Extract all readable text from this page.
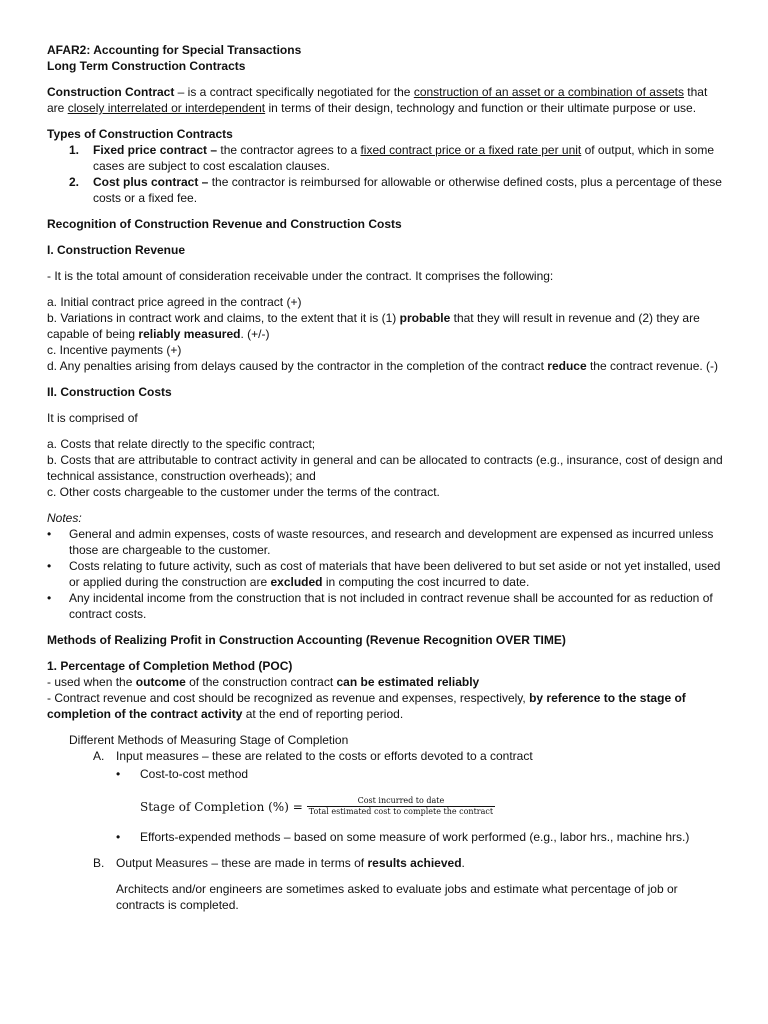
AFAR2: Accounting for Special Transactions

Long Term Construction Contracts

Construction Contract – is a contract specifically negotiated for the construction of an asset or a combination of assets that are closely interrelated or interdependent in terms of their design, technology and function or their ultimate purpose or use.

Types of Construction Contracts

1. Fixed price contract – the contractor agrees to a fixed contract price or a fixed rate per unit of output, which in some cases are subject to cost escalation clauses.
2. Cost plus contract – the contractor is reimbursed for allowable or otherwise defined costs, plus a percentage of these costs or a fixed fee.

Recognition of Construction Revenue and Construction Costs

I. Construction Revenue

- It is the total amount of consideration receivable under the contract. It comprises the following:

a. Initial contract price agreed in the contract (+)

b. Variations in contract work and claims, to the extent that it is (1) probable that they will result in revenue and (2) they are capable of being reliably measured. (+/-)

c. Incentive payments (+)

d. Any penalties arising from delays caused by the contractor in the completion of the contract reduce the contract revenue. (-)

II. Construction Costs

It is comprised of

a. Costs that relate directly to the specific contract;

b. Costs that are attributable to contract activity in general and can be allocated to contracts (e.g., insurance, cost of design and technical assistance, construction overheads); and

c. Other costs chargeable to the customer under the terms of the contract.

Notes:

• General and admin expenses, costs of waste resources, and research and development are expensed as incurred unless those are chargeable to the customer.
• Costs relating to future activity, such as cost of materials that have been delivered to but set aside or not yet installed, used or applied during the construction are excluded in computing the cost incurred to date.
• Any incidental income from the construction that is not included in contract revenue shall be accounted for as reduction of contract costs.

Methods of Realizing Profit in Construction Accounting (Revenue Recognition OVER TIME)

1. Percentage of Completion Method (POC)

- used when the outcome of the construction contract can be estimated reliably

- Contract revenue and cost should be recognized as revenue and expenses, respectively, by reference to the stage of completion of the contract activity at the end of reporting period.

Different Methods of Measuring Stage of Completion

A. Input measures – these are related to the costs or efforts devoted to a contract
• Cost-to-cost method
Stage of Completion (%) = $\frac{\text{Cost incurred to date}}{\text{Total estimated cost to complete the contract}}$
• Efforts-expended methods – based on some measure of work performed (e.g., labor hrs., machine hrs.)
B. Output Measures – these are made in terms of results achieved.

Architects and/or engineers are sometimes asked to evaluate jobs and estimate what percentage of job or contracts is completed.
